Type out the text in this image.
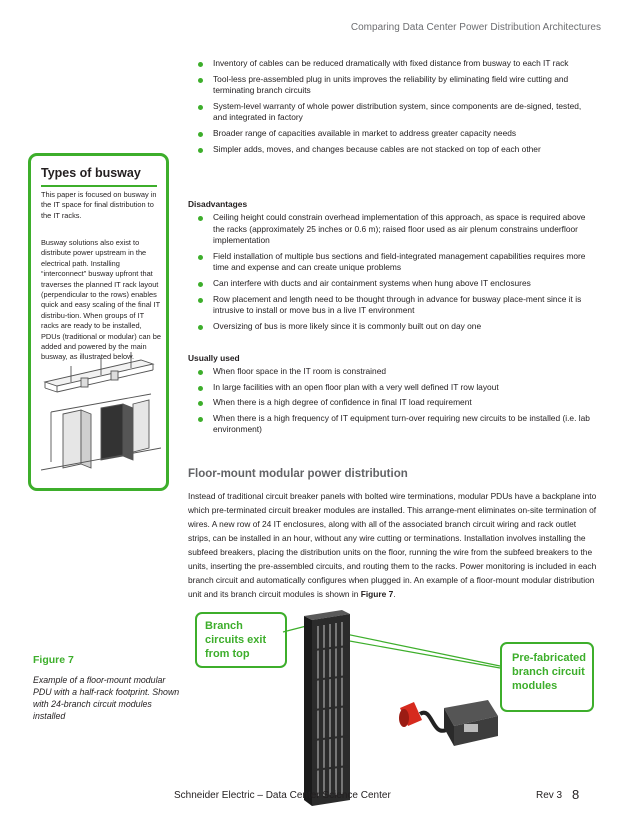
Comparing Data Center Power Distribution Architectures
Inventory of cables can be reduced dramatically with fixed distance from busway to each IT rack
Tool-less pre-assembled plug in units improves the reliability by eliminating field wire cutting and terminating branch circuits
System-level warranty of whole power distribution system, since components are de-signed, tested, and integrated in factory
Broader range of capacities available in market to address greater capacity needs
Simpler adds, moves, and changes because cables are not stacked on top of each other
Types of busway

This paper is focused on busway in the IT space for final distribution to the IT racks.

Busway solutions also exist to distribute power upstream in the electrical path. Installing “interconnect” busway upfront that traverses the planned IT rack layout (perpendicular to the rows) enables quick and easy scaling of the final IT distribu-tion. When groups of IT racks are ready to be installed, PDUs (traditional or modular) can be added and powered by the main busway, as illustrated below.

Disadvantages
Ceiling height could constrain overhead implementation of this approach, as space is required above the racks (approximately 25 inches or 0.6 m); raised floor used as air plenum constrains underfloor implementation
Field installation of multiple bus sections and field-integrated management capabilities requires more time and expense and can create unique problems
Can interfere with ducts and air containment systems when hung above IT enclosures
Row placement and length need to be thought through in advance for busway place-ment since it is intrusive to install or move bus in a live IT environment
Oversizing of bus is more likely since it is commonly built out on day one
Usually used
When floor space in the IT room is constrained
In large facilities with an open floor plan with a very well defined IT row layout
When there is a high degree of confidence in final IT load requirement
When there is a high frequency of IT equipment turn-over requiring new circuits to be installed (i.e. lab environment)
Floor-mount modular power distribution
Instead of traditional circuit breaker panels with bolted wire terminations, modular PDUs have a backplane into which pre-terminated circuit breaker modules are installed. This arrange-ment eliminates on-site termination of wires. A new row of 24 IT enclosures, along with all of the associated branch circuit wiring and rack outlet strips, can be installed in an hour, without any wire cutting or terminations. Installation involves installing the subfeed breakers, placing the distribution units on the floor, running the wire from the subfeed breakers to the units, inserting the pre-assembled circuits, and routing them to the racks. Power monitoring is included in each branch circuit and automatically configures when plugged in. An example of a floor-mount modular distribution unit and its branch circuit modules is shown in Figure 7.
Figure 7
Example of a floor-mount modular PDU with a half-rack footprint. Shown with 24-branch circuit modules installed
Branch
circuits exit
from top	Pre-fabricated
branch circuit
modules
Schneider Electric – Data Center Science Center	Rev 3 8
